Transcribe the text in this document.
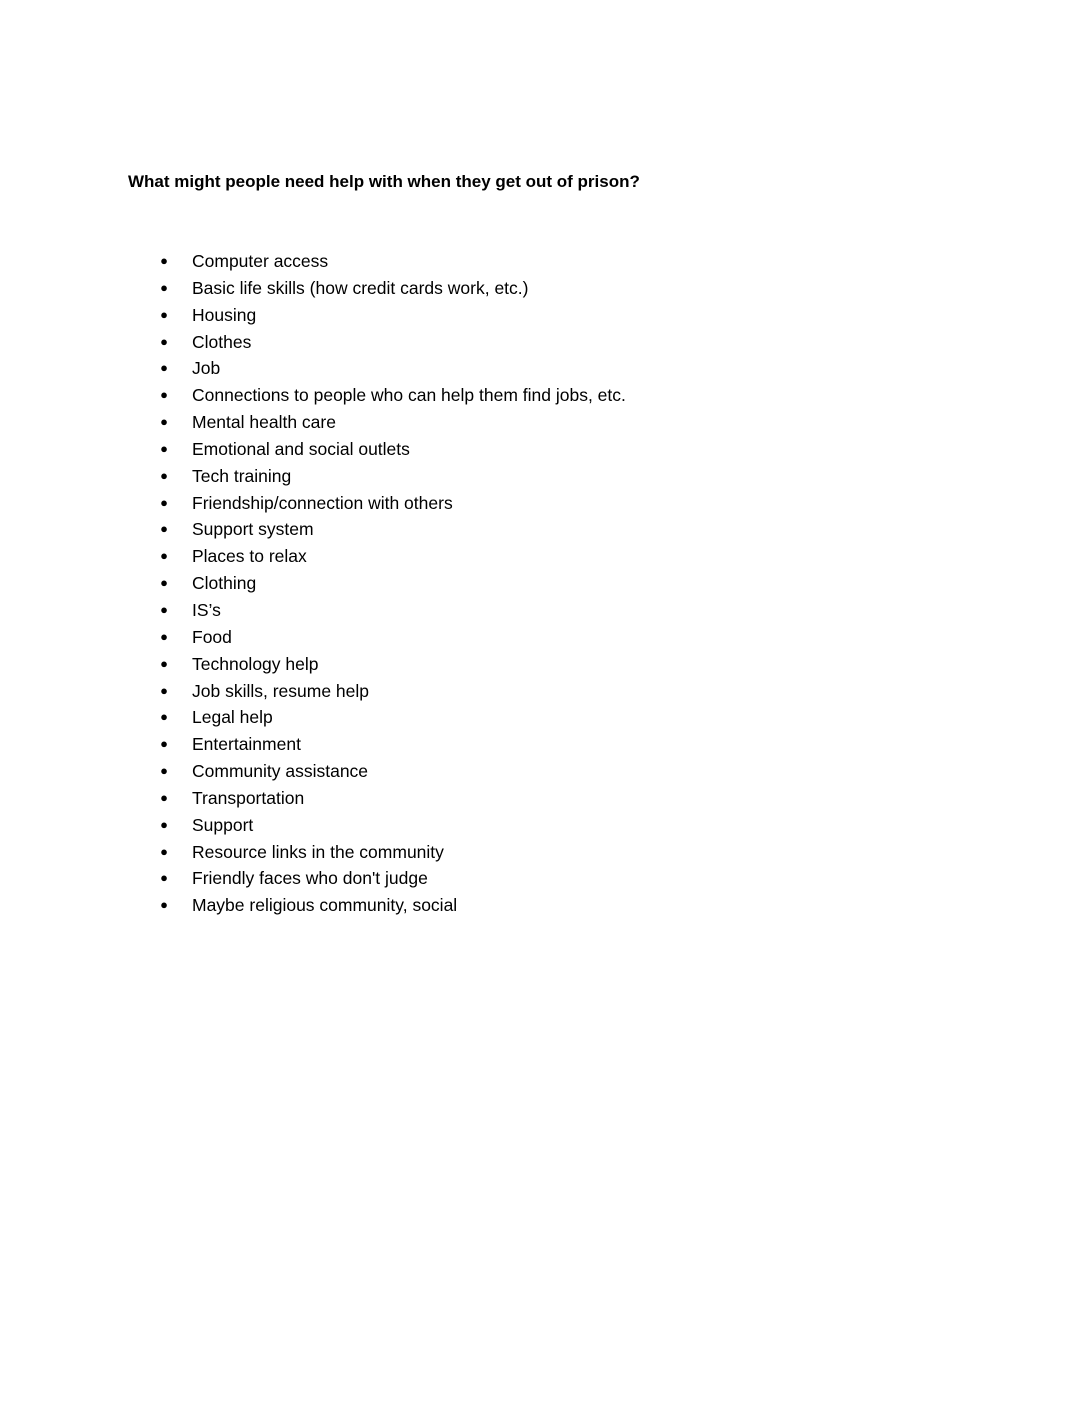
What might people need help with when they get out of prison?

● Computer access
● Basic life skills (how credit cards work, etc.)
● Housing
● Clothes
● Job
● Connections to people who can help them find jobs, etc.
● Mental health care
● Emotional and social outlets
● Tech training
● Friendship/connection with others
● Support system
● Places to relax
● Clothing
● IS’s
● Food
● Technology help
● Job skills, resume help
● Legal help
● Entertainment
● Community assistance
● Transportation
● Support
● Resource links in the community
● Friendly faces who don't judge
● Maybe religious community, social
